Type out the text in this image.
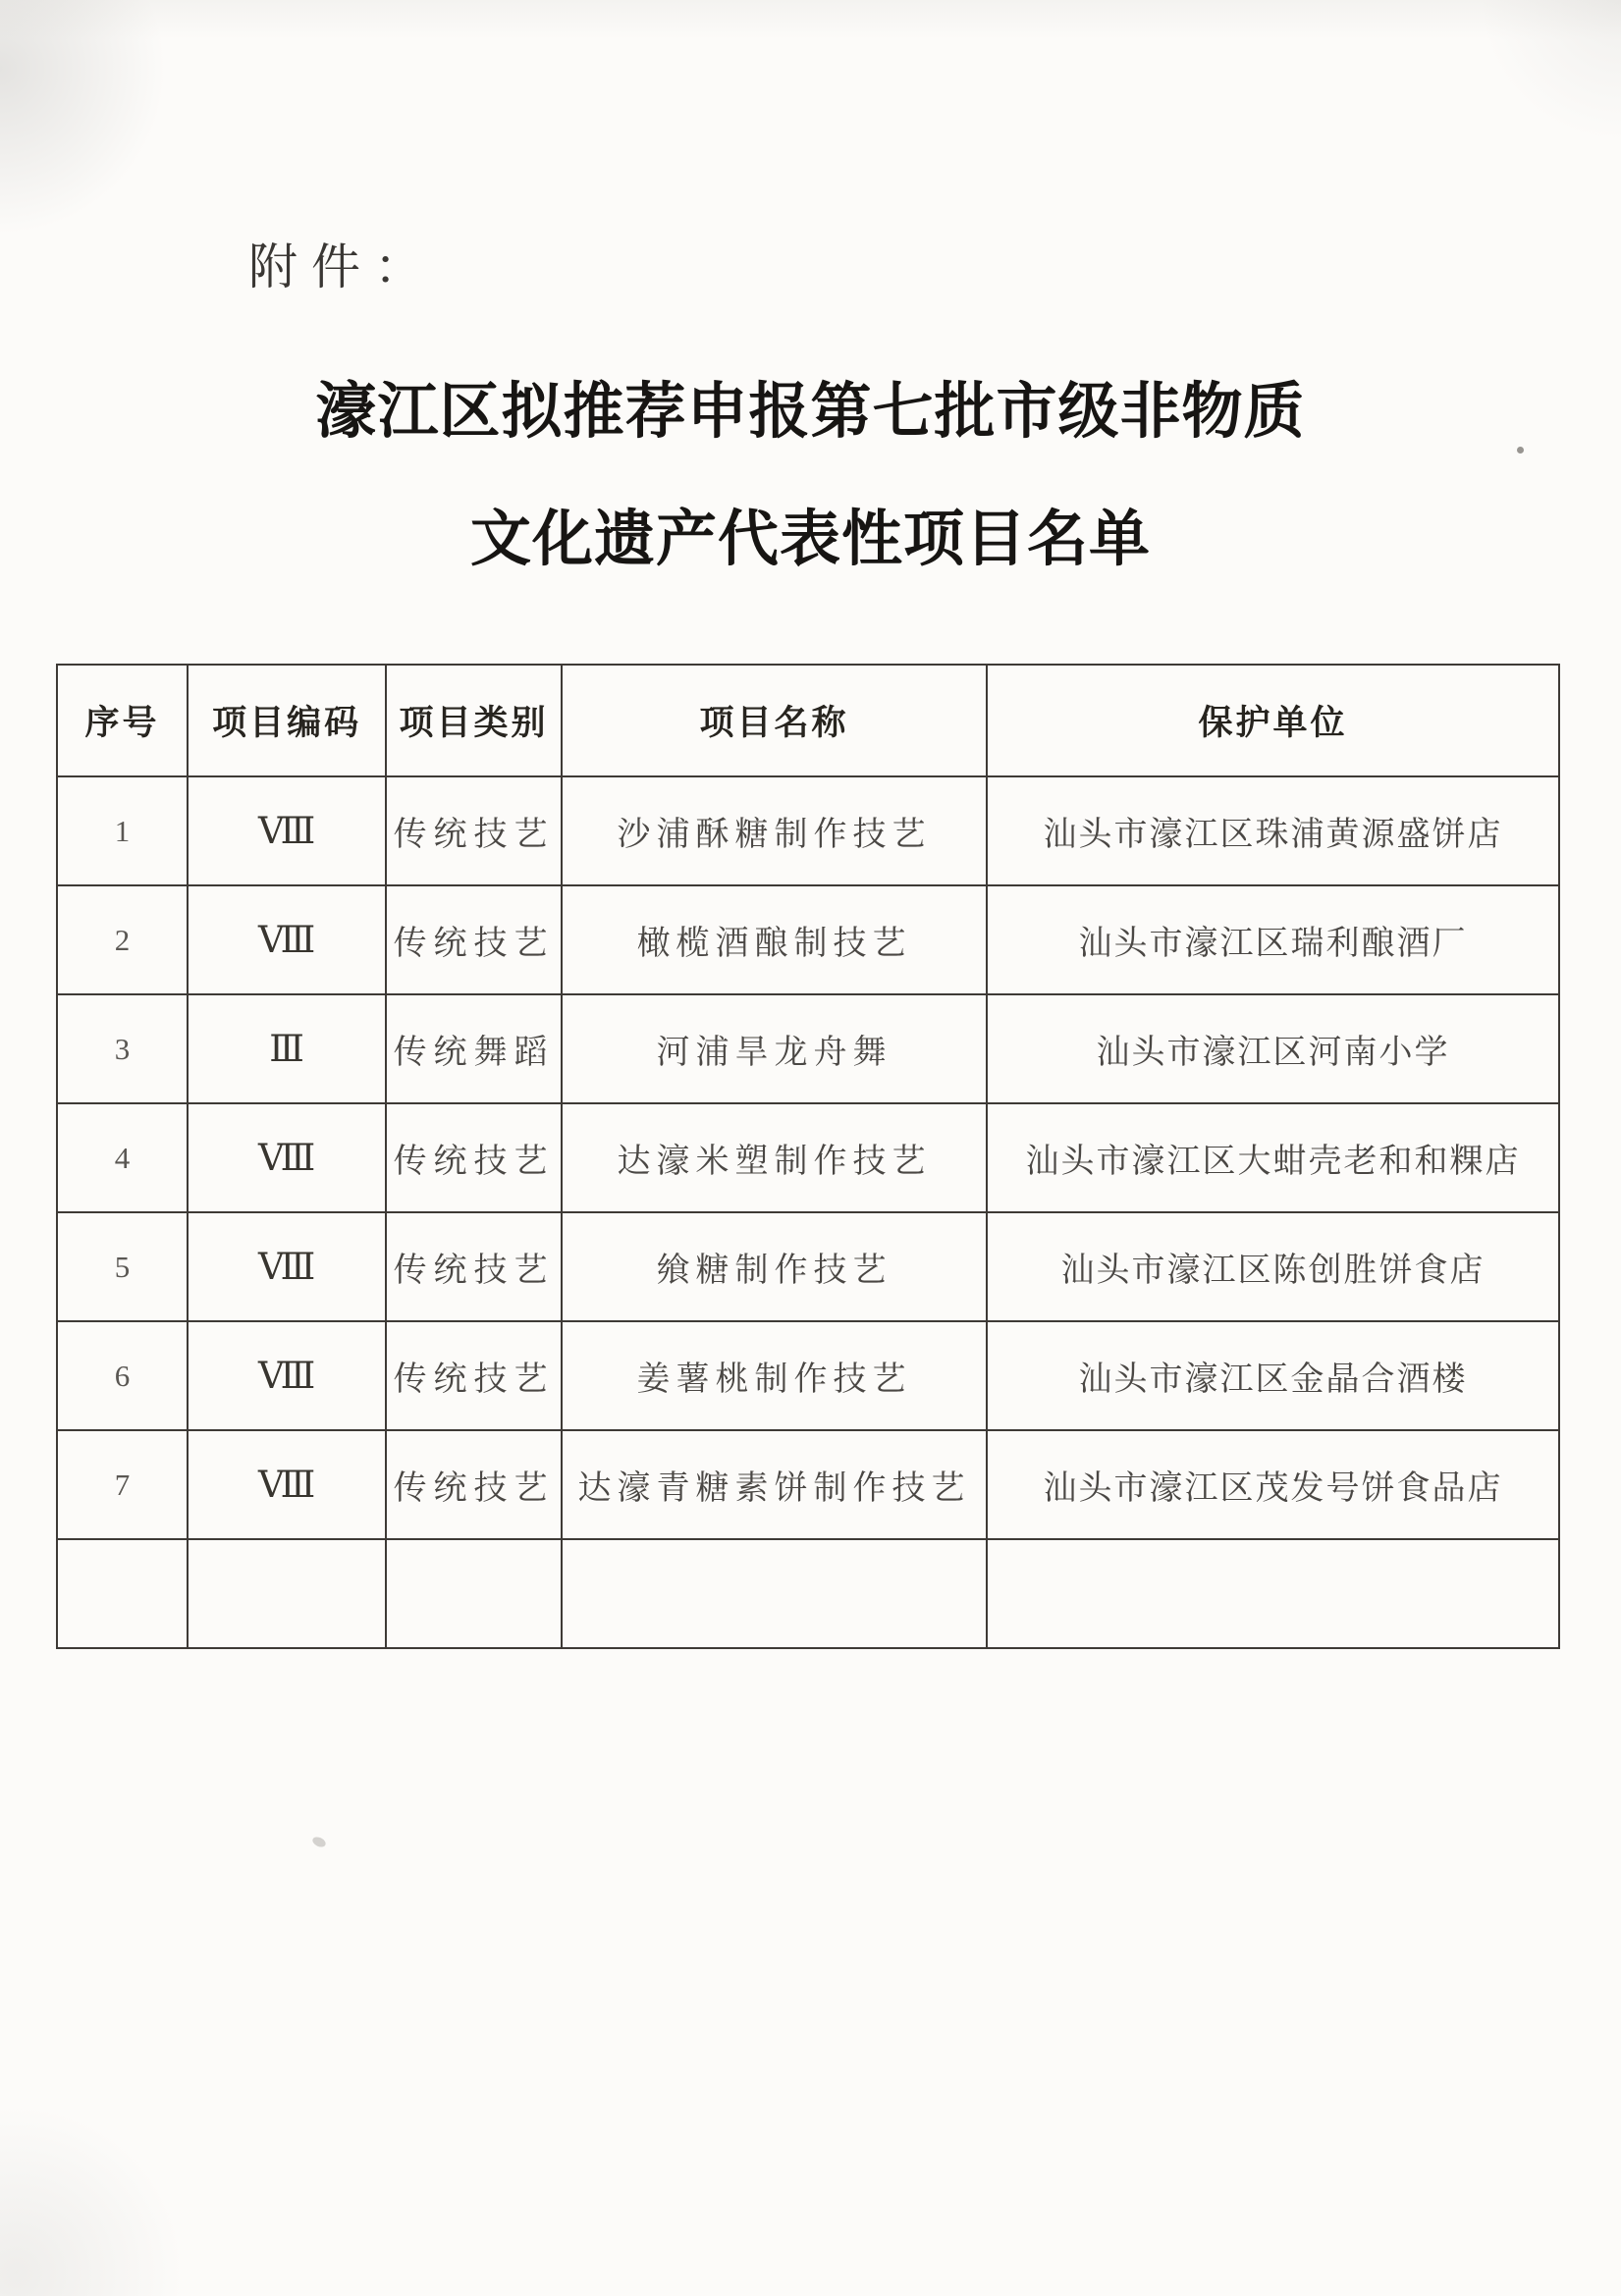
附件：
濠江区拟推荐申报第七批市级非物质
文化遗产代表性项目名单
序号	项目编码	项目类别	项目名称	保护单位
1	Ⅷ	传统技艺	沙浦酥糖制作技艺	汕头市濠江区珠浦黄源盛饼店
2	Ⅷ	传统技艺	橄榄酒酿制技艺	汕头市濠江区瑞利酿酒厂
3	Ⅲ	传统舞蹈	河浦旱龙舟舞	汕头市濠江区河南小学
4	Ⅷ	传统技艺	达濠米塑制作技艺	汕头市濠江区大蚶壳老和和粿店
5	Ⅷ	传统技艺	飨糖制作技艺	汕头市濠江区陈创胜饼食店
6	Ⅷ	传统技艺	姜薯桃制作技艺	汕头市濠江区金晶合酒楼
7	Ⅷ	传统技艺	达濠青糖素饼制作技艺	汕头市濠江区茂发号饼食品店
